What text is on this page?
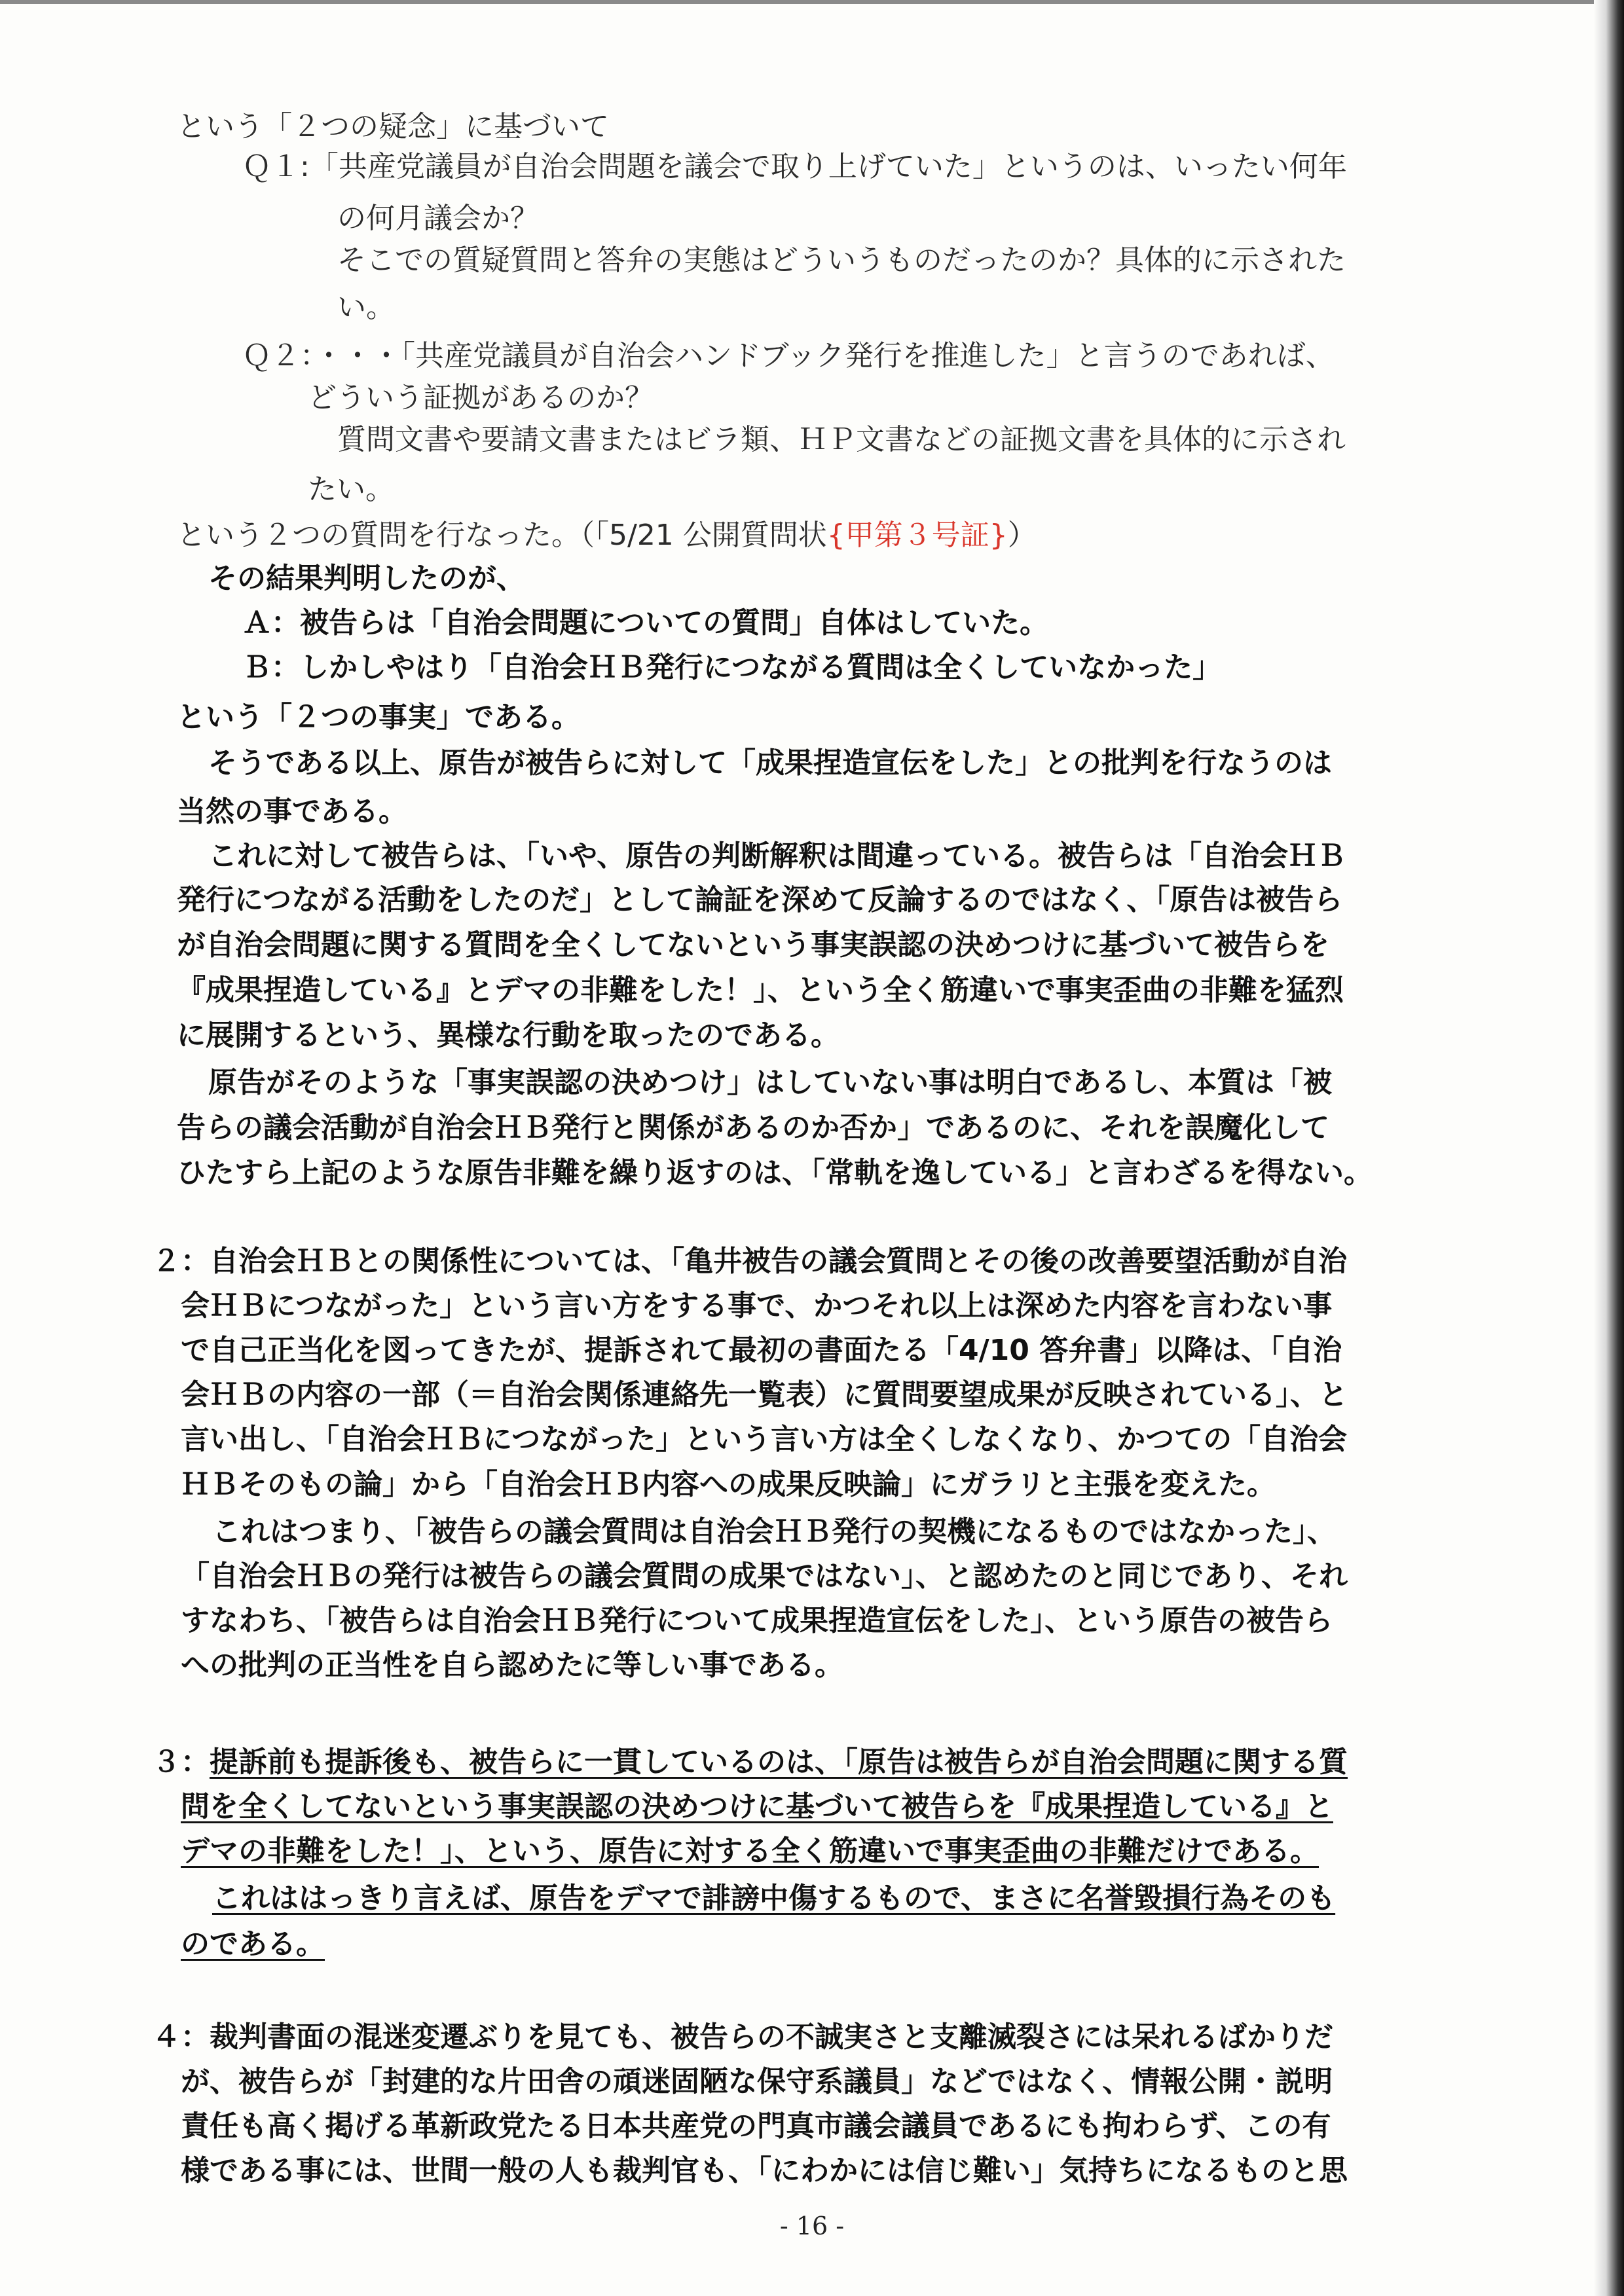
という「２つの疑念」に基づいて
Ｑ１:「共産党議員が自治会問題を議会で取り上げていた」というのは、いったい何年
の何月議会か？
そこでの質疑質問と答弁の実態はどういうものだったのか？具体的に示された
い。
Ｑ２：・・・「共産党議員が自治会ハンドブック発行を推進した」と言うのであれば、
どういう証拠があるのか？
質問文書や要請文書またはビラ類、ＨＰ文書などの証拠文書を具体的に示され
たい。
という２つの質問を行なった。（「5/21 公開質問状{甲第３号証}）
その結果判明したのが、
Ａ：被告らは「自治会問題についての質問」自体はしていた。
Ｂ：しかしやはり「自治会ＨＢ発行につながる質問は全くしていなかった」
という「２つの事実」である。
そうである以上、原告が被告らに対して「成果捏造宣伝をした」との批判を行なうのは
当然の事である。
これに対して被告らは、「いや、原告の判断解釈は間違っている。被告らは「自治会ＨＢ
発行につながる活動をしたのだ」として論証を深めて反論するのではなく、「原告は被告ら
が自治会問題に関する質問を全くしてないという事実誤認の決めつけに基づいて被告らを
『成果捏造している』とデマの非難をした！」、という全く筋違いで事実歪曲の非難を猛烈
に展開するという、異様な行動を取ったのである。
原告がそのような「事実誤認の決めつけ」はしていない事は明白であるし、本質は「被
告らの議会活動が自治会ＨＢ発行と関係があるのか否か」であるのに、それを誤魔化して
ひたすら上記のような原告非難を繰り返すのは、「常軌を逸している」と言わざるを得ない。
２：自治会ＨＢとの関係性については、「亀井被告の議会質問とその後の改善要望活動が自治
会ＨＢにつながった」という言い方をする事で、かつそれ以上は深めた内容を言わない事
で自己正当化を図ってきたが、提訴されて最初の書面たる「4/10 答弁書」以降は、「自治
会ＨＢの内容の一部（＝自治会関係連絡先一覧表）に質問要望成果が反映されている」、と
言い出し、「自治会ＨＢにつながった」という言い方は全くしなくなり、かつての「自治会
ＨＢそのもの論」から「自治会ＨＢ内容への成果反映論」にガラリと主張を変えた。
これはつまり、「被告らの議会質問は自治会ＨＢ発行の契機になるものではなかった」、
「自治会ＨＢの発行は被告らの議会質問の成果ではない」、と認めたのと同じであり、それ
すなわち、「被告らは自治会ＨＢ発行について成果捏造宣伝をした」、という原告の被告ら
への批判の正当性を自ら認めたに等しい事である。
３：提訴前も提訴後も、被告らに一貫しているのは、「原告は被告らが自治会問題に関する質
問を全くしてないという事実誤認の決めつけに基づいて被告らを『成果捏造している』と
デマの非難をした！」、という、原告に対する全く筋違いで事実歪曲の非難だけである。
これははっきり言えば、原告をデマで誹謗中傷するもので、まさに名誉毀損行為そのも
のである。
４：裁判書面の混迷変遷ぶりを見ても、被告らの不誠実さと支離滅裂さには呆れるばかりだ
が、被告らが「封建的な片田舎の頑迷固陋な保守系議員」などではなく、情報公開・説明
責任も高く掲げる革新政党たる日本共産党の門真市議会議員であるにも拘わらず、この有
様である事には、世間一般の人も裁判官も、「にわかには信じ難い」気持ちになるものと思
- 16 -
